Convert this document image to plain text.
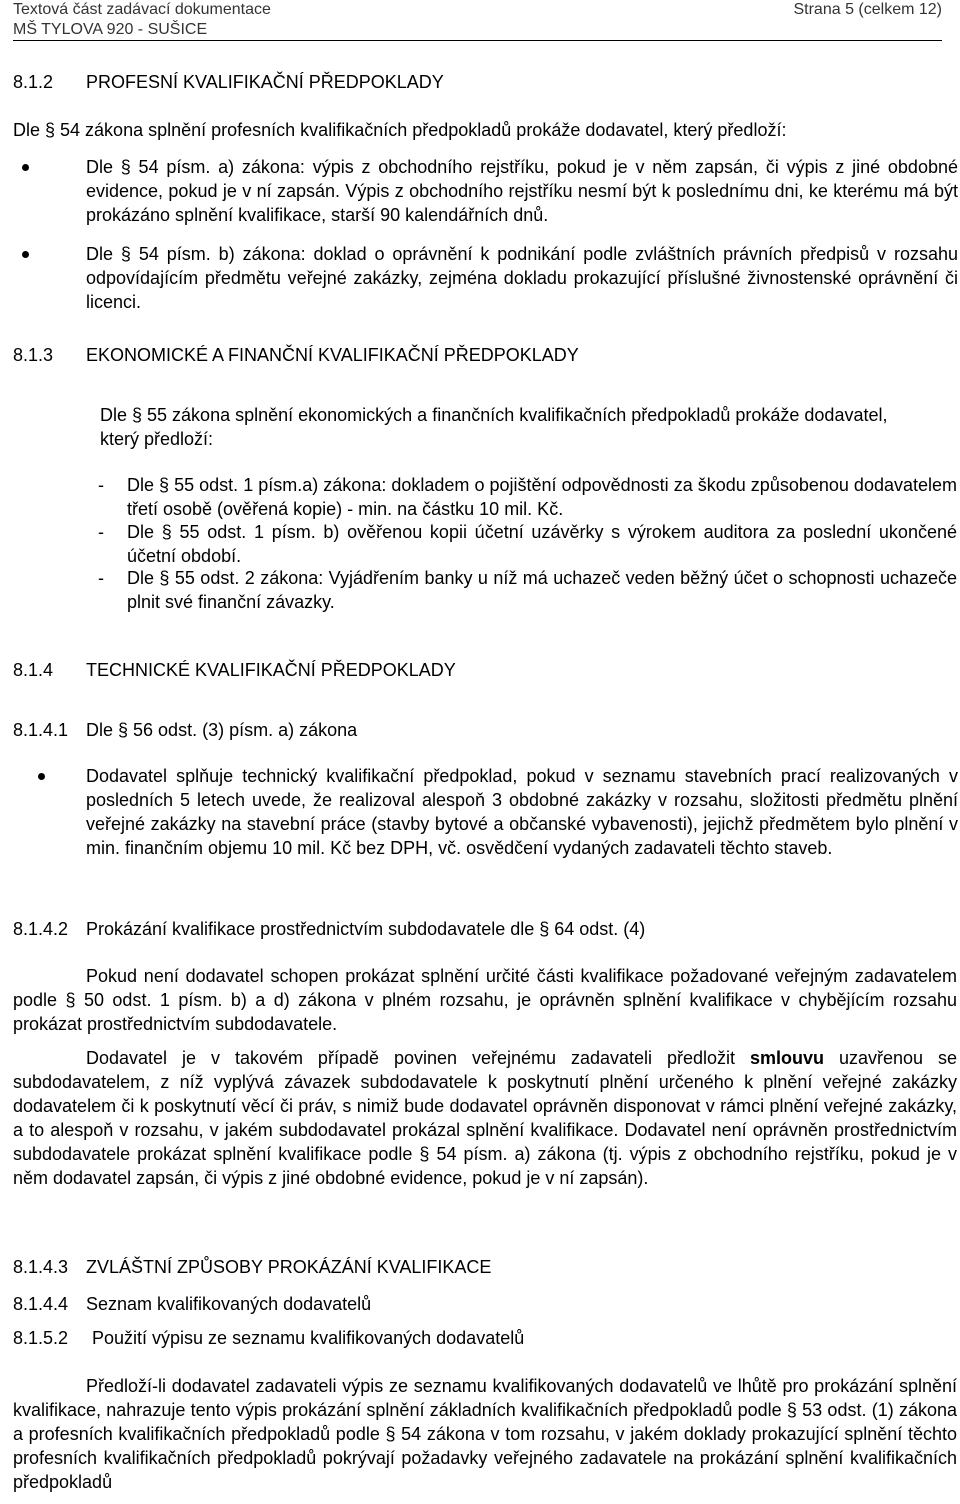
Textová část zadávací dokumentace
MŠ TYLOVA 920 - SUŠICE
Strana 5 (celkem 12)
8.1.2 PROFESNÍ KVALIFIKAČNÍ PŘEDPOKLADY
Dle § 54 zákona splnění profesních kvalifikačních předpokladů prokáže dodavatel, který předloží:
Dle § 54 písm. a) zákona: výpis z obchodního rejstříku, pokud je v něm zapsán, či výpis z jiné obdobné evidence, pokud je v ní zapsán. Výpis z obchodního rejstříku nesmí být k poslednímu dni, ke kterému má být prokázáno splnění kvalifikace, starší 90 kalendářních dnů.
Dle § 54 písm. b) zákona: doklad o oprávnění k podnikání podle zvláštních právních předpisů v rozsahu odpovídajícím předmětu veřejné zakázky, zejména dokladu prokazující příslušné živnostenské oprávnění či licenci.
8.1.3 EKONOMICKÉ A FINANČNÍ KVALIFIKAČNÍ PŘEDPOKLADY
Dle § 55 zákona splnění ekonomických a finančních kvalifikačních předpokladů prokáže dodavatel, který předloží:
- Dle § 55 odst. 1 písm.a) zákona: dokladem o pojištění odpovědnosti za škodu způsobenou dodavatelem třetí osobě (ověřená kopie) - min. na částku 10 mil. Kč.
- Dle § 55 odst. 1 písm. b) ověřenou kopii účetní uzávěrky s výrokem auditora za poslední ukončené účetní období.
- Dle § 55 odst. 2 zákona: Vyjádřením banky u níž má uchazeč veden běžný účet o schopnosti uchazeče plnit své finanční závazky.
8.1.4 TECHNICKÉ KVALIFIKAČNÍ PŘEDPOKLADY
8.1.4.1 Dle § 56 odst. (3) písm. a) zákona
Dodavatel splňuje technický kvalifikační předpoklad, pokud v seznamu stavebních prací realizovaných v posledních 5 letech uvede, že realizoval alespoň 3 obdobné zakázky v rozsahu, složitosti předmětu plnění veřejné zakázky na stavební práce (stavby bytové a občanské vybavenosti), jejichž předmětem bylo plnění v min. finančním objemu 10 mil. Kč bez DPH, vč. osvědčení vydaných zadavateli těchto staveb.
8.1.4.2 Prokázání kvalifikace prostřednictvím subdodavatele dle § 64 odst. (4)
Pokud není dodavatel schopen prokázat splnění určité části kvalifikace požadované veřejným zadavatelem podle § 50 odst. 1 písm. b) a d) zákona v plném rozsahu, je oprávněn splnění kvalifikace v chybějícím rozsahu prokázat prostřednictvím subdodavatele.
Dodavatel je v takovém případě povinen veřejnému zadavateli předložit smlouvu uzavřenou se subdodavatelem, z níž vyplývá závazek subdodavatele k poskytnutí plnění určeného k plnění veřejné zakázky dodavatelem či k poskytnutí věcí či práv, s nimiž bude dodavatel oprávněn disponovat v rámci plnění veřejné zakázky, a to alespoň v rozsahu, v jakém subdodavatel prokázal splnění kvalifikace. Dodavatel není oprávněn prostřednictvím subdodavatele prokázat splnění kvalifikace podle § 54 písm. a) zákona (tj. výpis z obchodního rejstříku, pokud je v něm dodavatel zapsán, či výpis z jiné obdobné evidence, pokud je v ní zapsán).
8.1.4.3 ZVLÁŠTNÍ ZPŮSOBY PROKÁZÁNÍ KVALIFIKACE
8.1.4.4 Seznam kvalifikovaných dodavatelů
8.1.5.2 Použití výpisu ze seznamu kvalifikovaných dodavatelů
Předloží-li dodavatel zadavateli výpis ze seznamu kvalifikovaných dodavatelů ve lhůtě pro prokázání splnění kvalifikace, nahrazuje tento výpis prokázání splnění základních kvalifikačních předpokladů podle § 53 odst. (1) zákona a profesních kvalifikačních předpokladů podle § 54 zákona v tom rozsahu, v jakém doklady prokazující splnění těchto profesních kvalifikačních předpokladů pokrývají požadavky veřejného zadavatele na prokázání splnění kvalifikačních předpokladů
